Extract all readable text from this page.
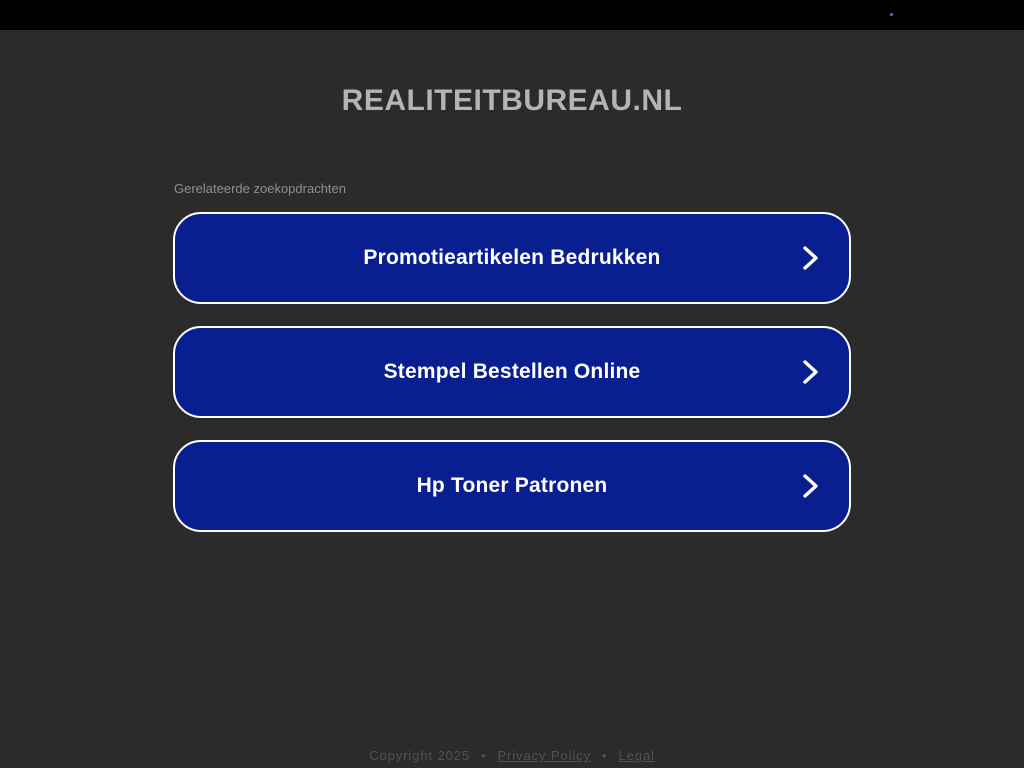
REALITEITBUREAU.NL

Gerelateerde zoekopdrachten

Promotieartikelen Bedrukken
Stempel Bestellen Online
Hp Toner Patronen
Copyright 2025 • Privacy Policy • Legal
